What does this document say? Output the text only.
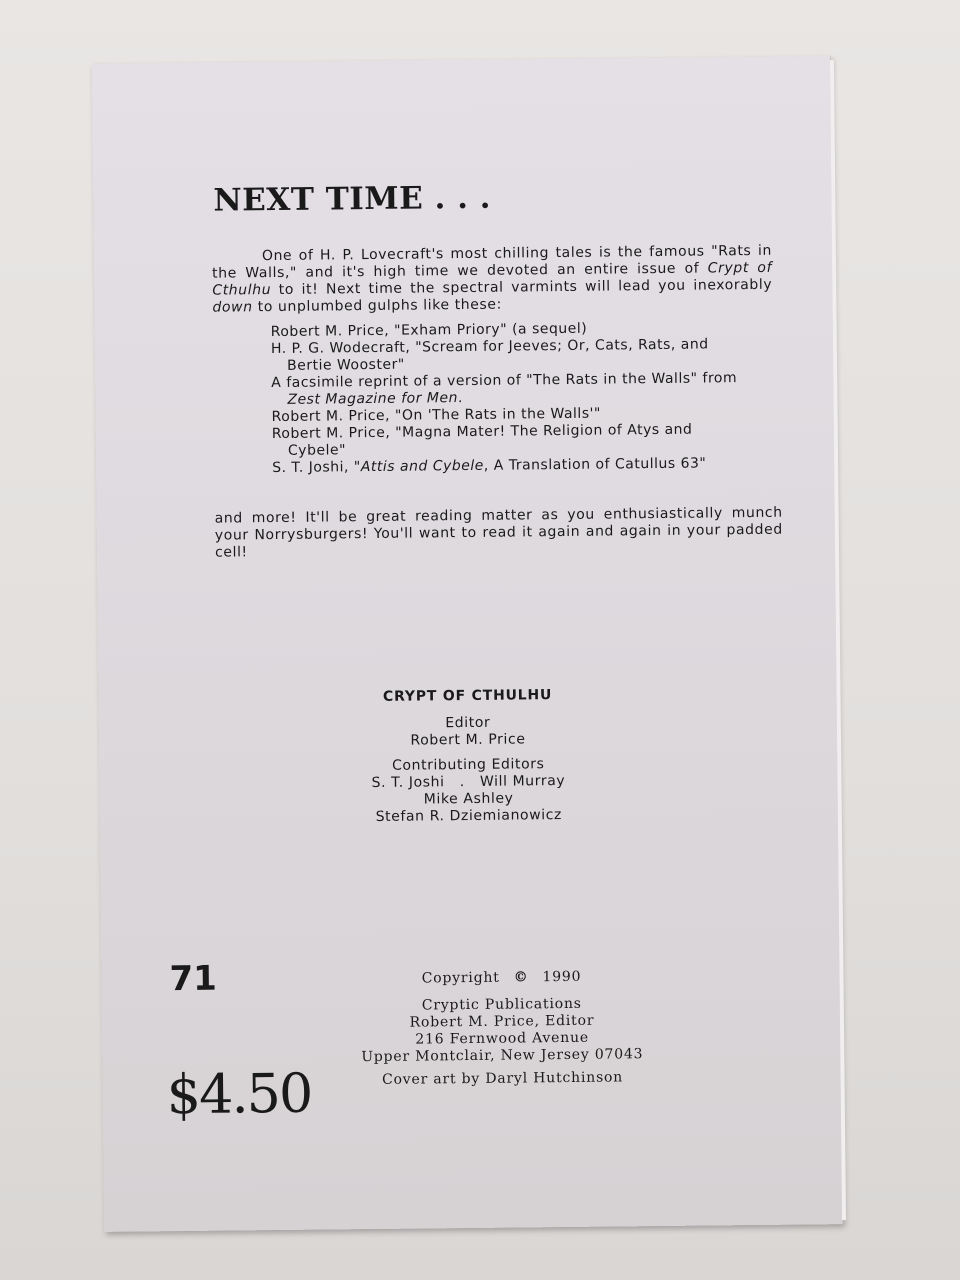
NEXT TIME . . .
One of H. P. Lovecraft's most chilling tales is the famous "Rats in the Walls," and it's high time we devoted an entire issue of Crypt of Cthulhu to it! Next time the spectral varmints will lead you inexorably down to unplumbed gulphs like these:
Robert M. Price, "Exham Priory" (a sequel)
H. P. G. Wodecraft, "Scream for Jeeves; Or, Cats, Rats, and Bertie Wooster"
A facsimile reprint of a version of "The Rats in the Walls" from Zest Magazine for Men.
Robert M. Price, "On 'The Rats in the Walls'"
Robert M. Price, "Magna Mater! The Religion of Atys and Cybele"
S. T. Joshi, "Attis and Cybele, A Translation of Catullus 63"
and more! It'll be great reading matter as you enthusiastically munch your Norrysburgers! You'll want to read it again and again in your padded cell!
CRYPT OF CTHULHU
Editor
Robert M. Price
Contributing Editors
S. T. Joshi . Will Murray
Mike Ashley
Stefan R. Dziemianowicz
71
$4.50
Copyright © 1990
Cryptic Publications
Robert M. Price, Editor
216 Fernwood Avenue
Upper Montclair, New Jersey 07043
Cover art by Daryl Hutchinson
